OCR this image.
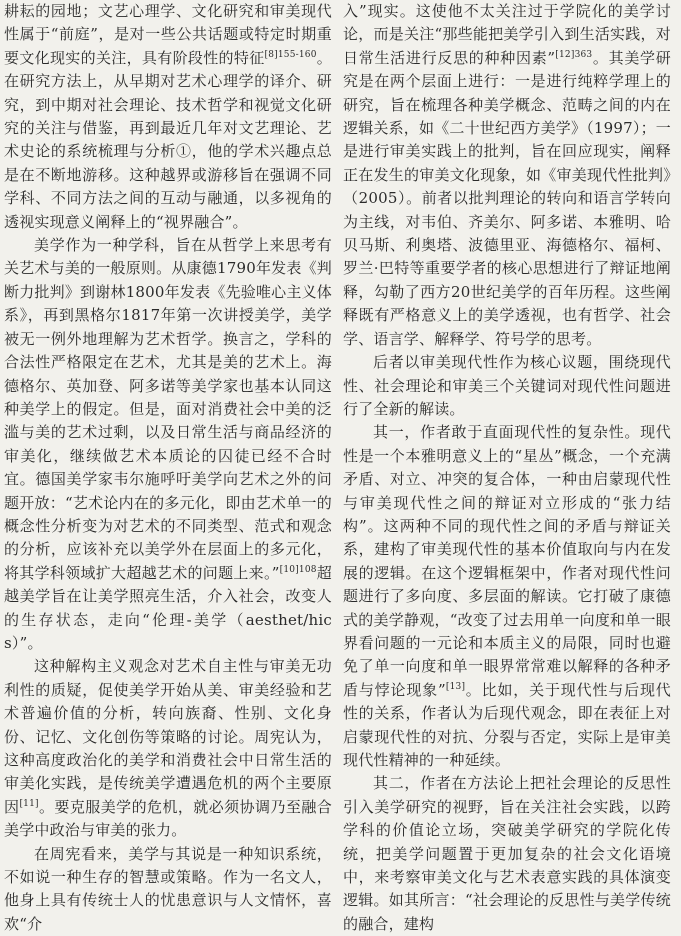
耕耘的园地；文艺心理学、文化研究和审美现代性属于“前庭”，是对一些公共话题或特定时期重要文化现实的关注，具有阶段性的特征$^{[8]155-160}$。在研究方法上，从早期对艺术心理学的译介、研究，到中期对社会理论、技术哲学和视觉文化研究的关注与借鉴，再到最近几年对文艺理论、艺术史论的系统梳理与分析①，他的学术兴趣点总是在不断地游移。这种越界或游移旨在强调不同学科、不同方法之间的互动与融通，以多视角的透视实现意义阐释上的“视界融合”。

美学作为一种学科，旨在从哲学上来思考有关艺术与美的一般原则。从康德1790年发表《判断力批判》到谢林1800年发表《先验唯心主义体系》，再到黑格尔1817年第一次讲授美学，美学被无一例外地理解为艺术哲学。换言之，学科的合法性严格限定在艺术，尤其是美的艺术上。海德格尔、英加登、阿多诺等美学家也基本认同这种美学上的假定。但是，面对消费社会中美的泛滥与美的艺术过剩，以及日常生活与商品经济的审美化，继续做艺术本质论的囚徒已经不合时宜。德国美学家韦尔施呼吁美学向艺术之外的问题开放：“艺术论内在的多元化，即由艺术单一的概念性分析变为对艺术的不同类型、范式和观念的分析，应该补充以美学外在层面上的多元化，将其学科领域扩大超越艺术的问题上来。”$^{[10]108}$超越美学旨在让美学照亮生活，介入社会，改变人的生存状态，走向“伦理-美学（aesthet/hics）”。

这种解构主义观念对艺术自主性与审美无功利性的质疑，促使美学开始从美、审美经验和艺术普遍价值的分析，转向族裔、性别、文化身份、记忆、文化创伤等策略的讨论。周宪认为，这种高度政治化的美学和消费社会中日常生活的审美化实践，是传统美学遭遇危机的两个主要原因[11]。要克服美学的危机，就必须协调乃至融合美学中政治与审美的张力。

在周宪看来，美学与其说是一种知识系统，不如说一种生存的智慧或策略。作为一名文人，他身上具有传统士人的忧患意识与人文情怀，喜欢“介

入”现实。这使他不太关注过于学院化的美学讨论，而是关注“那些能把美学引入到生活实践，对日常生活进行反思的种种因素”$^{[12]363}$。其美学研究是在两个层面上进行：一是进行纯粹学理上的研究，旨在梳理各种美学概念、范畴之间的内在逻辑关系，如《二十世纪西方美学》（1997）；一是进行审美实践上的批判，旨在回应现实，阐释正在发生的审美文化现象，如《审美现代性批判》（2005）。前者以批判理论的转向和语言学转向为主线，对韦伯、齐美尔、阿多诺、本雅明、哈贝马斯、利奥塔、波德里亚、海德格尔、福柯、罗兰·巴特等重要学者的核心思想进行了辩证地阐释，勾勒了西方20世纪美学的百年历程。这些阐释既有严格意义上的美学透视，也有哲学、社会学、语言学、解释学、符号学的思考。

后者以审美现代性作为核心议题，围绕现代性、社会理论和审美三个关键词对现代性问题进行了全新的解读。

其一，作者敢于直面现代性的复杂性。现代性是一个本雅明意义上的“星丛”概念，一个充满矛盾、对立、冲突的复合体，一种由启蒙现代性与审美现代性之间的辩证对立形成的“张力结构”。这两种不同的现代性之间的矛盾与辩证关系，建构了审美现代性的基本价值取向与内在发展的逻辑。在这个逻辑框架中，作者对现代性问题进行了多向度、多层面的解读。它打破了康德式的美学静观，“改变了过去用单一向度和单一眼界看问题的一元论和本质主义的局限，同时也避免了单一向度和单一眼界常常难以解释的各种矛盾与悖论现象”[13]。比如，关于现代性与后现代性的关系，作者认为后现代观念，即在表征上对启蒙现代性的对抗、分裂与否定，实际上是审美现代性精神的一种延续。

其二，作者在方法论上把社会理论的反思性引入美学研究的视野，旨在关注社会实践，以跨学科的价值论立场，突破美学研究的学院化传统，把美学问题置于更加复杂的社会文化语境中，来考察审美文化与艺术表意实践的具体演变逻辑。如其所言：“社会理论的反思性与美学传统的融合，建构
